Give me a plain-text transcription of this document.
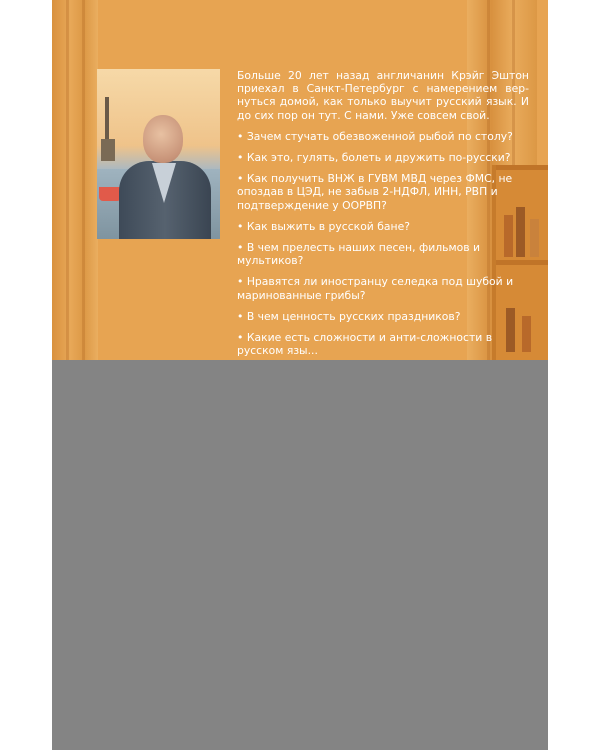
Больше 20 лет назад англичанин Крэйг Эштон приехал в Санкт-Петербург с намерением вер-нуться домой, как только выучит русский язык. И до сих пор он тут. С нами. Уже совсем свой.

• Зачем стучать обезвоженной рыбой по столу?
• Как это, гулять, болеть и дружить по-русски?
• Как получить ВНЖ в ГУВМ МВД через ФМС, не опоздав в ЦЭД, не забыв 2-НДФЛ, ИНН, РВП и подтверждение у ООРВП?
• Как выжить в русской бане?
• В чем прелесть наших песен, фильмов и мультиков?
• Нравятся ли иностранцу селедка под шубой и маринованные грибы?
• В чем ценность русских праздников?
• Какие есть сложности и анти-сложности в русском язы...
